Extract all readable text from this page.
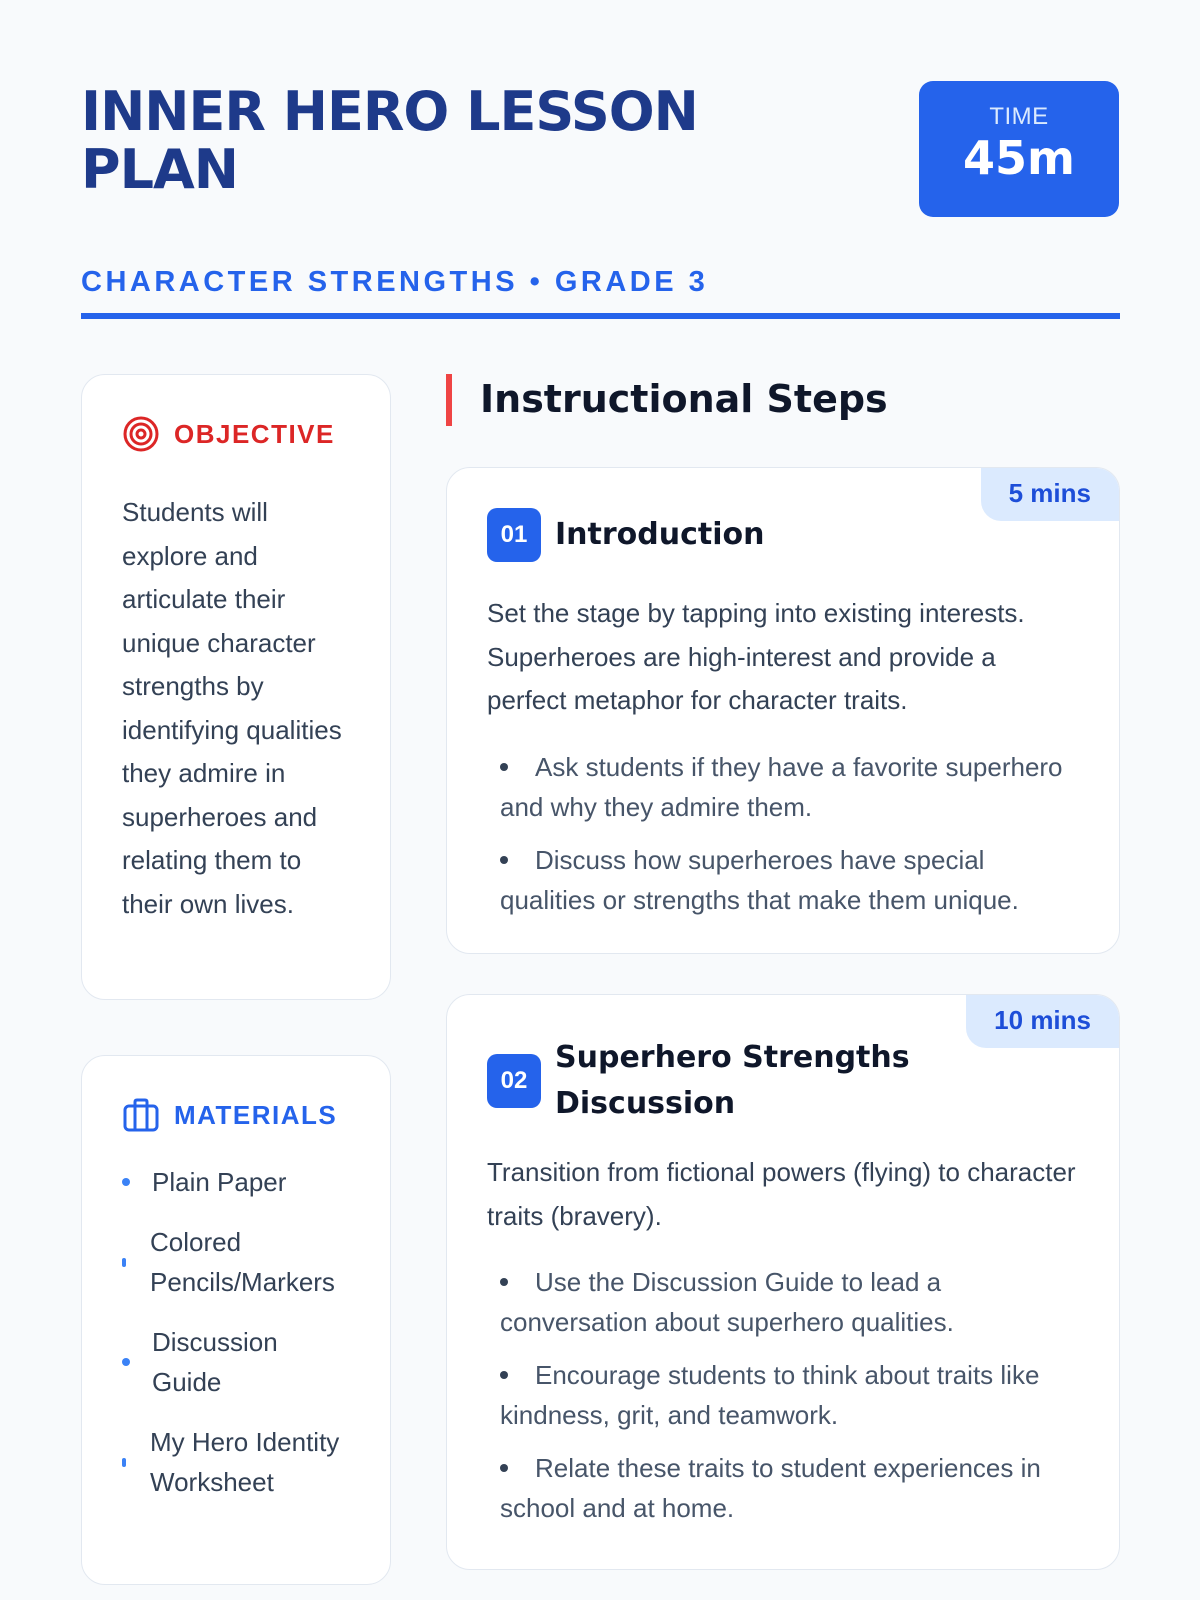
INNER HERO LESSON PLAN
CHARACTER STRENGTHS • GRADE 3
TIME
45m
OBJECTIVE

Students will explore and articulate their unique character strengths by identifying qualities they admire in superheroes and relating them to their own lives.

MATERIALS
Plain Paper
Colored Pencils/Markers
Discussion Guide
My Hero Identity Worksheet
Instructional Steps
5 mins
01 Introduction

Set the stage by tapping into existing interests. Superheroes are high-interest and provide a perfect metaphor for character traits.

Ask students if they have a favorite superhero and why they admire them.
Discuss how superheroes have special qualities or strengths that make them unique.
10 mins
02
Superhero Strengths Discussion

Transition from fictional powers (flying) to character traits (bravery).

Use the Discussion Guide to lead a conversation about superhero qualities.
Encourage students to think about traits like kindness, grit, and teamwork.
Relate these traits to student experiences in school and at home.
